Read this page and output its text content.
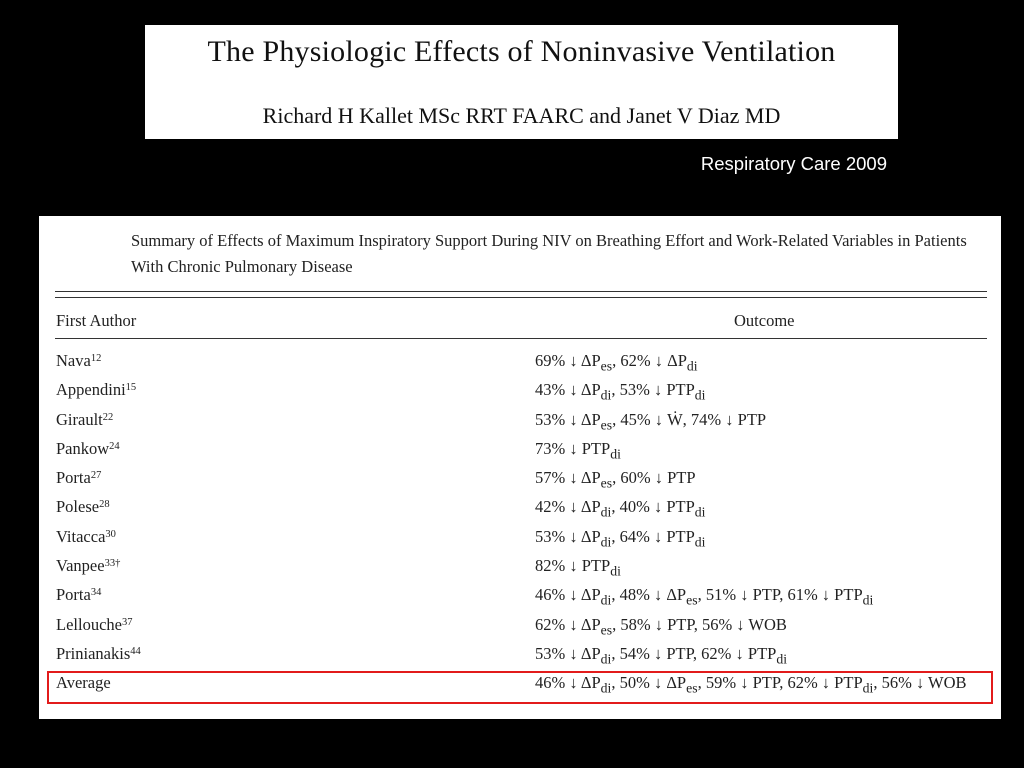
The Physiologic Effects of Noninvasive Ventilation
Richard H Kallet MSc RRT FAARC and Janet V Diaz MD
Respiratory Care 2009
Summary of Effects of Maximum Inspiratory Support During NIV on Breathing Effort and Work-Related Variables in Patients With Chronic Pulmonary Disease
First Author	Outcome
Nava$^{12}$	69% ↓ $\Delta P_{es}$, 62% ↓ $\Delta P_{di}$
Appendini$^{15}$	43% ↓ $\Delta P_{di}$, 53% ↓ $PTP_{di}$
Girault$^{22}$	53% ↓ $\Delta P_{es}$, 45% ↓ Ẇ, 74% ↓ PTP
Pankow$^{24}$	73% ↓ $PTP_{di}$
Porta$^{27}$	57% ↓ $\Delta P_{es}$, 60% ↓ PTP
Polese$^{28}$	42% ↓ $\Delta P_{di}$, 40% ↓ $PTP_{di}$
Vitacca$^{30}$	53% ↓ $\Delta P_{di}$, 64% ↓ $PTP_{di}$
Vanpee$^{33\dagger}$	82% ↓ $PTP_{di}$
Porta$^{34}$	46% ↓ $\Delta P_{di}$, 48% ↓ $\Delta P_{es}$, 51% ↓ PTP, 61% ↓ $PTP_{di}$
Lellouche$^{37}$	62% ↓ $\Delta P_{es}$, 58% ↓ PTP, 56% ↓ WOB
Prinianakis$^{44}$	53% ↓ $\Delta P_{di}$, 54% ↓ PTP, 62% ↓ $PTP_{di}$
Average	46% ↓ $\Delta P_{di}$, 50% ↓ $\Delta P_{es}$, 59% ↓ PTP, 62% ↓ $PTP_{di}$, 56% ↓ WOB
